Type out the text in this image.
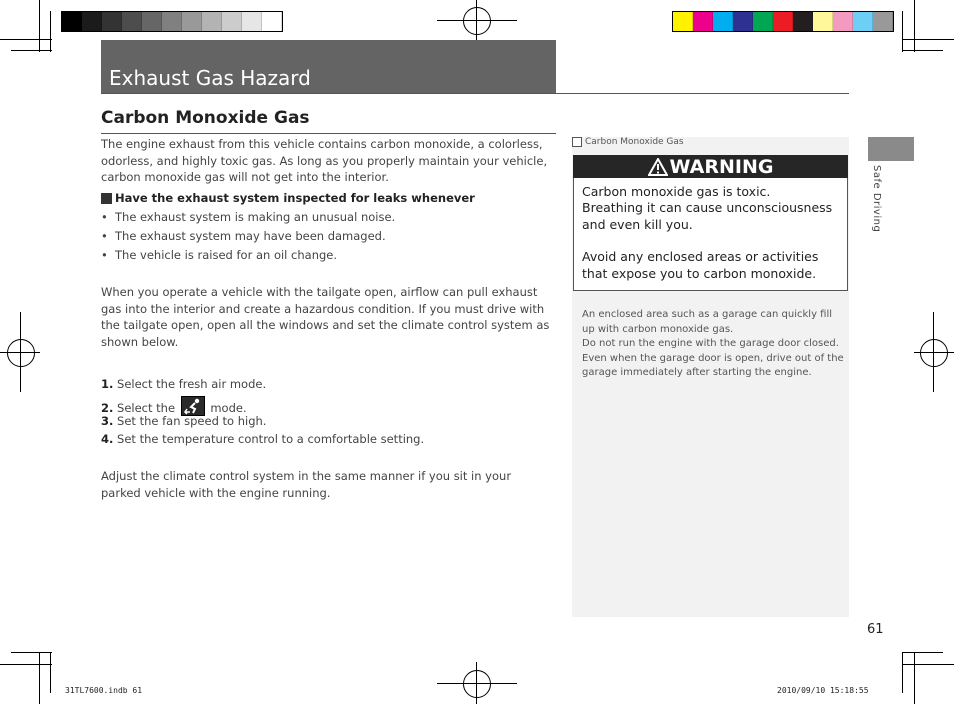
Exhaust Gas Hazard
Carbon Monoxide Gas
The engine exhaust from this vehicle contains carbon monoxide, a colorless, odorless, and highly toxic gas. As long as you properly maintain your vehicle, carbon monoxide gas will not get into the interior.
Have the exhaust system inspected for leaks whenever
• The exhaust system is making an unusual noise.
• The exhaust system may have been damaged.
• The vehicle is raised for an oil change.
When you operate a vehicle with the tailgate open, airflow can pull exhaust gas into the interior and create a hazardous condition. If you must drive with the tailgate open, open all the windows and set the climate control system as shown below.
1. Select the fresh air mode.
2. Select the	mode.
3. Set the fan speed to high.
4. Set the temperature control to a comfortable setting.
Adjust the climate control system in the same manner if you sit in your parked vehicle with the engine running.
Carbon Monoxide Gas
WARNING
Carbon monoxide gas is toxic.
Breathing it can cause unconsciousness and even kill you.
Avoid any enclosed areas or activities that expose you to carbon monoxide.
An enclosed area such as a garage can quickly fill up with carbon monoxide gas.
Do not run the engine with the garage door closed. Even when the garage door is open, drive out of the garage immediately after starting the engine.
Safe Driving
61
31TL7600.indb 61	2010/09/10 15:18:55
